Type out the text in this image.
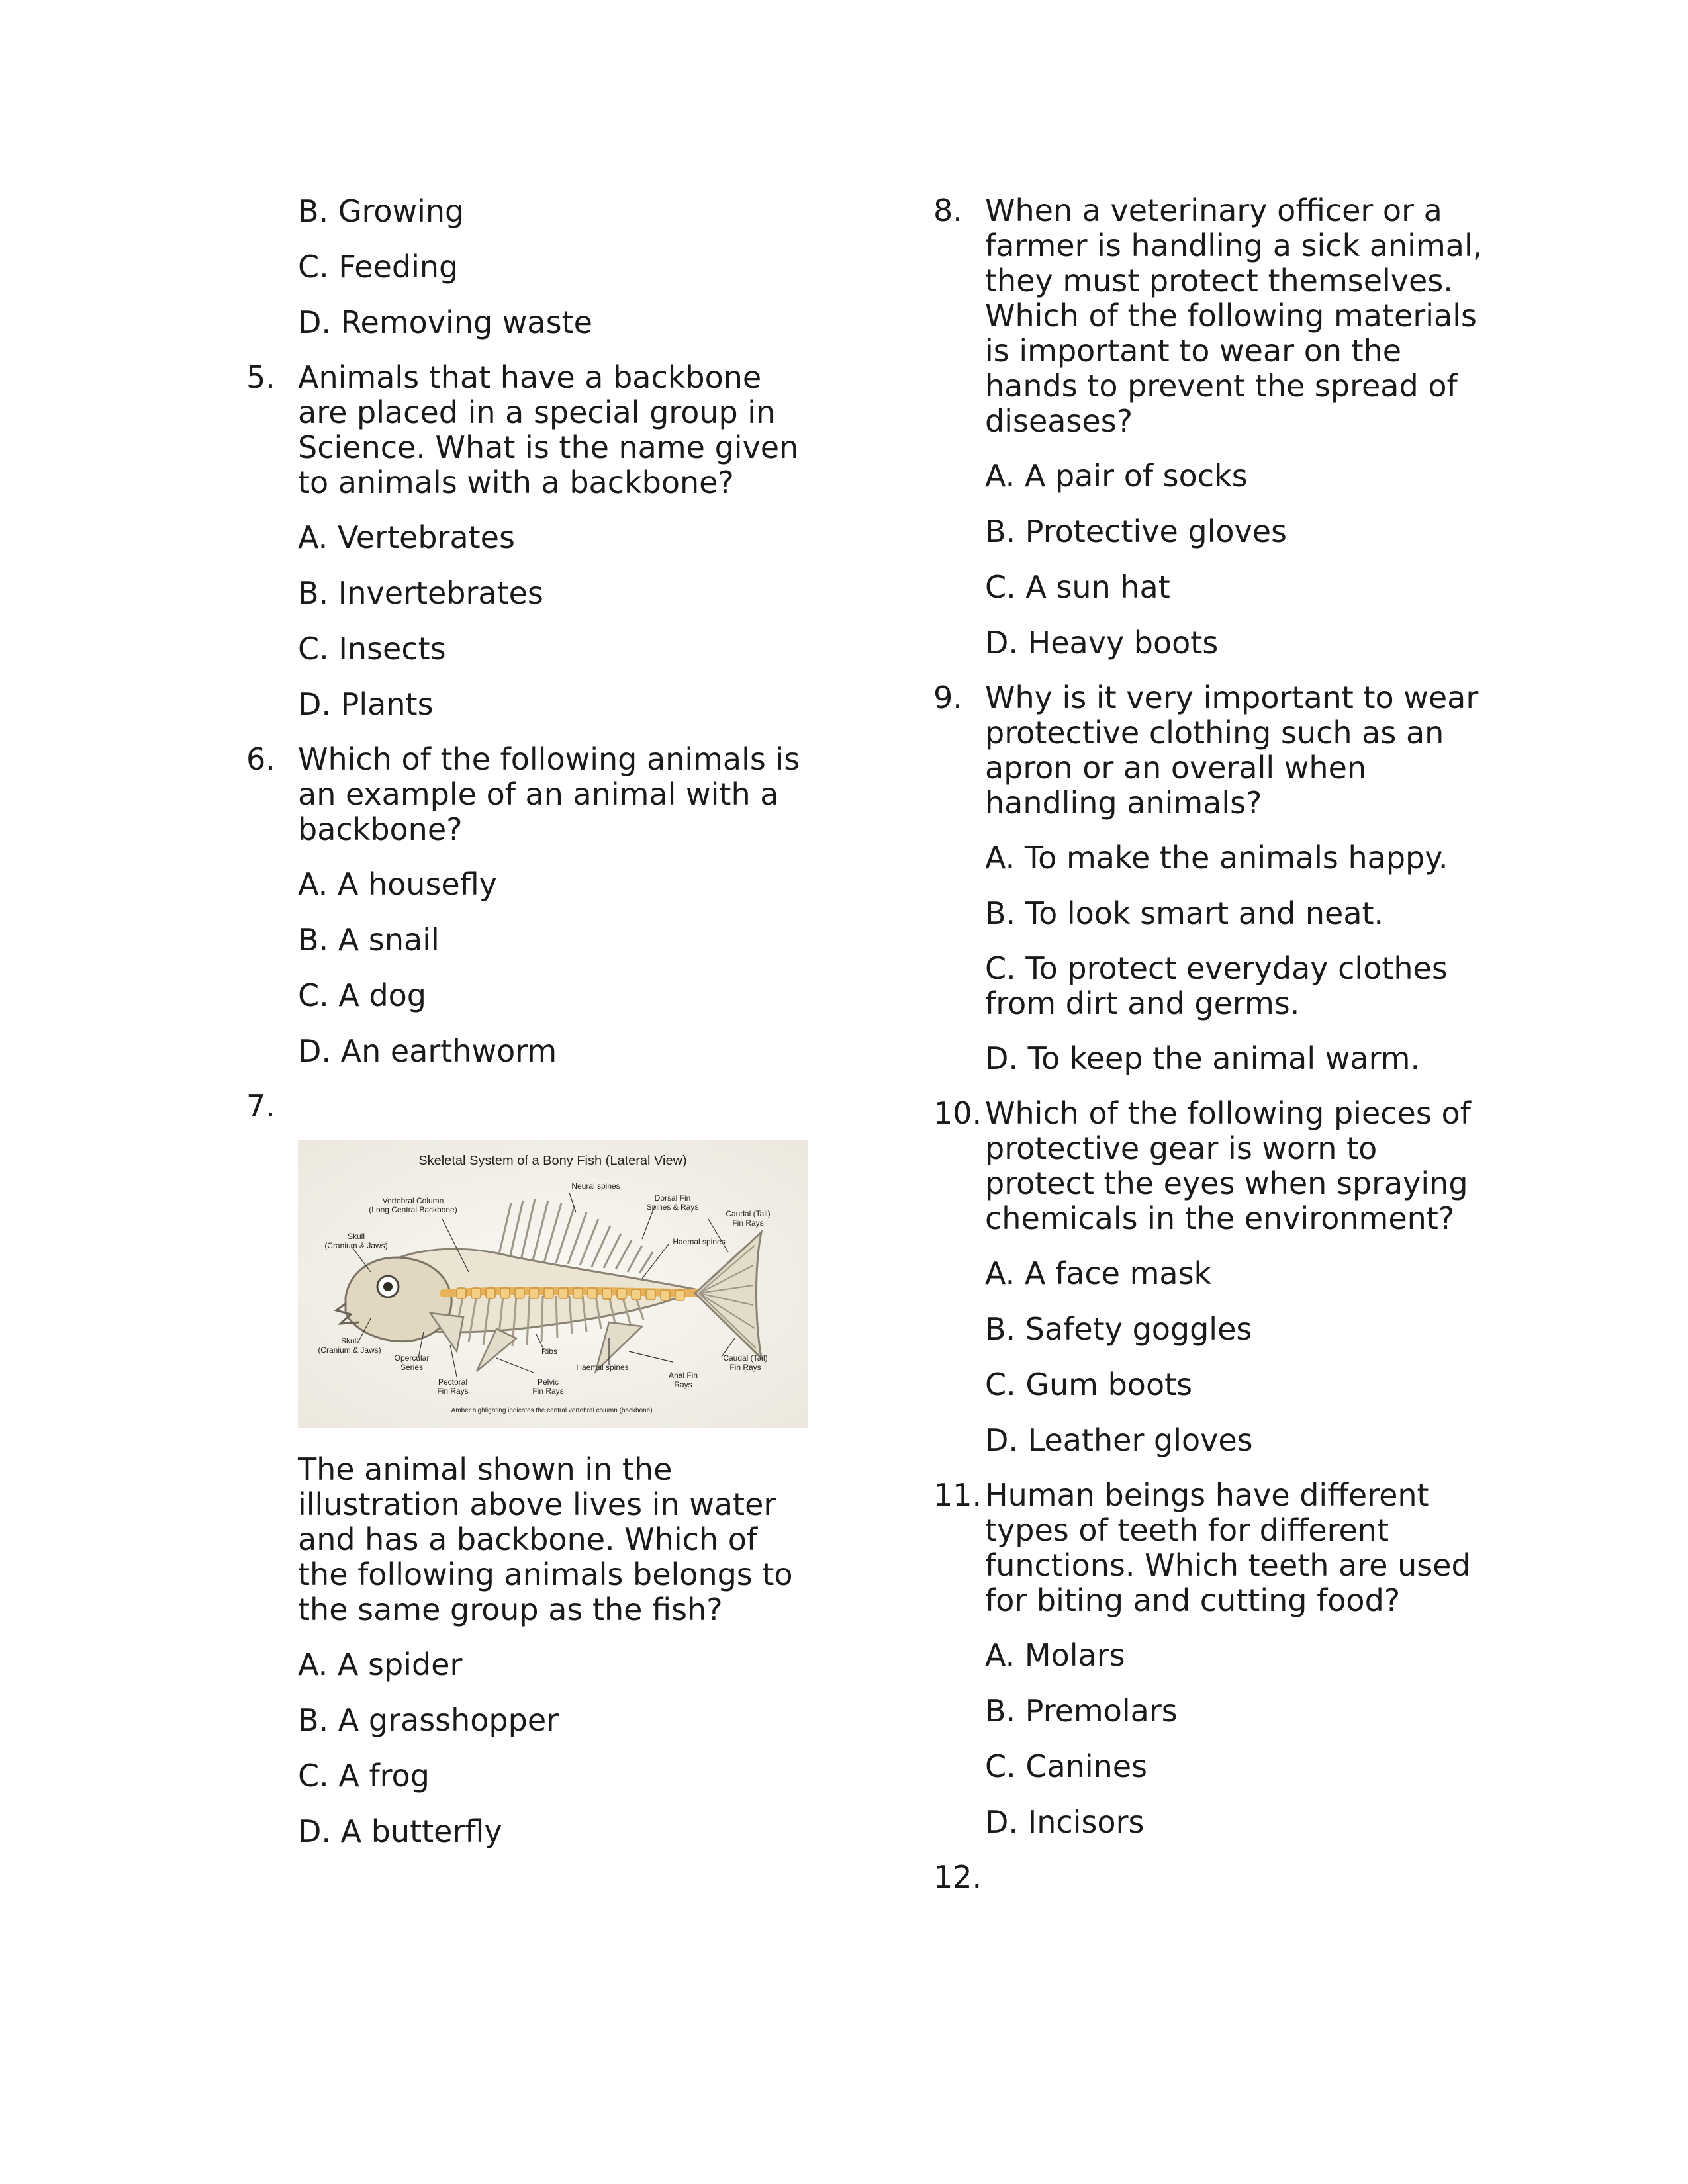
B. Growing
C. Feeding
D. Removing waste
5. Animals that have a backbone are placed in a special group in Science. What is the name given to animals with a backbone?
A. Vertebrates
B. Invertebrates
C. Insects
D. Plants
6. Which of the following animals is an example of an animal with a backbone?
A. A housefly
B. A snail
C. A dog
D. An earthworm
7.

Skeletal System of a Bony Fish (Lateral View)
Neural spines
Dorsal Fin
Spines & Rays
Vertebral Column
(Long Central Backbone)	Caudal (Tail)
Fin Rays
Skull
(Cranium & Jaws)	Haemal spines
Skull
(Cranium & Jaws)
Opercular
Series
Pectoral
Fin Rays
Ribs
Pelvic
Fin Rays
Haemal spines
Anal Fin
Rays
Caudal (Tail)
Fin Rays
Amber highlighting indicates the central vertebral column (backbone).
The animal shown in the illustration above lives in water and has a backbone. Which of the following animals belongs to the same group as the fish?
A. A spider
B. A grasshopper
C. A frog
D. A butterfly
8. When a veterinary officer or a farmer is handling a sick animal, they must protect themselves. Which of the following materials is important to wear on the hands to prevent the spread of diseases?
A. A pair of socks
B. Protective gloves
C. A sun hat
D. Heavy boots
9. Why is it very important to wear protective clothing such as an apron or an overall when handling animals?
A. To make the animals happy.
B. To look smart and neat.
C. To protect everyday clothes from dirt and germs.
D. To keep the animal warm.
10. Which of the following pieces of protective gear is worn to protect the eyes when spraying chemicals in the environment?
A. A face mask
B. Safety goggles
C. Gum boots
D. Leather gloves
11. Human beings have different types of teeth for different functions. Which teeth are used for biting and cutting food?
A. Molars
B. Premolars
C. Canines
D. Incisors
12.
